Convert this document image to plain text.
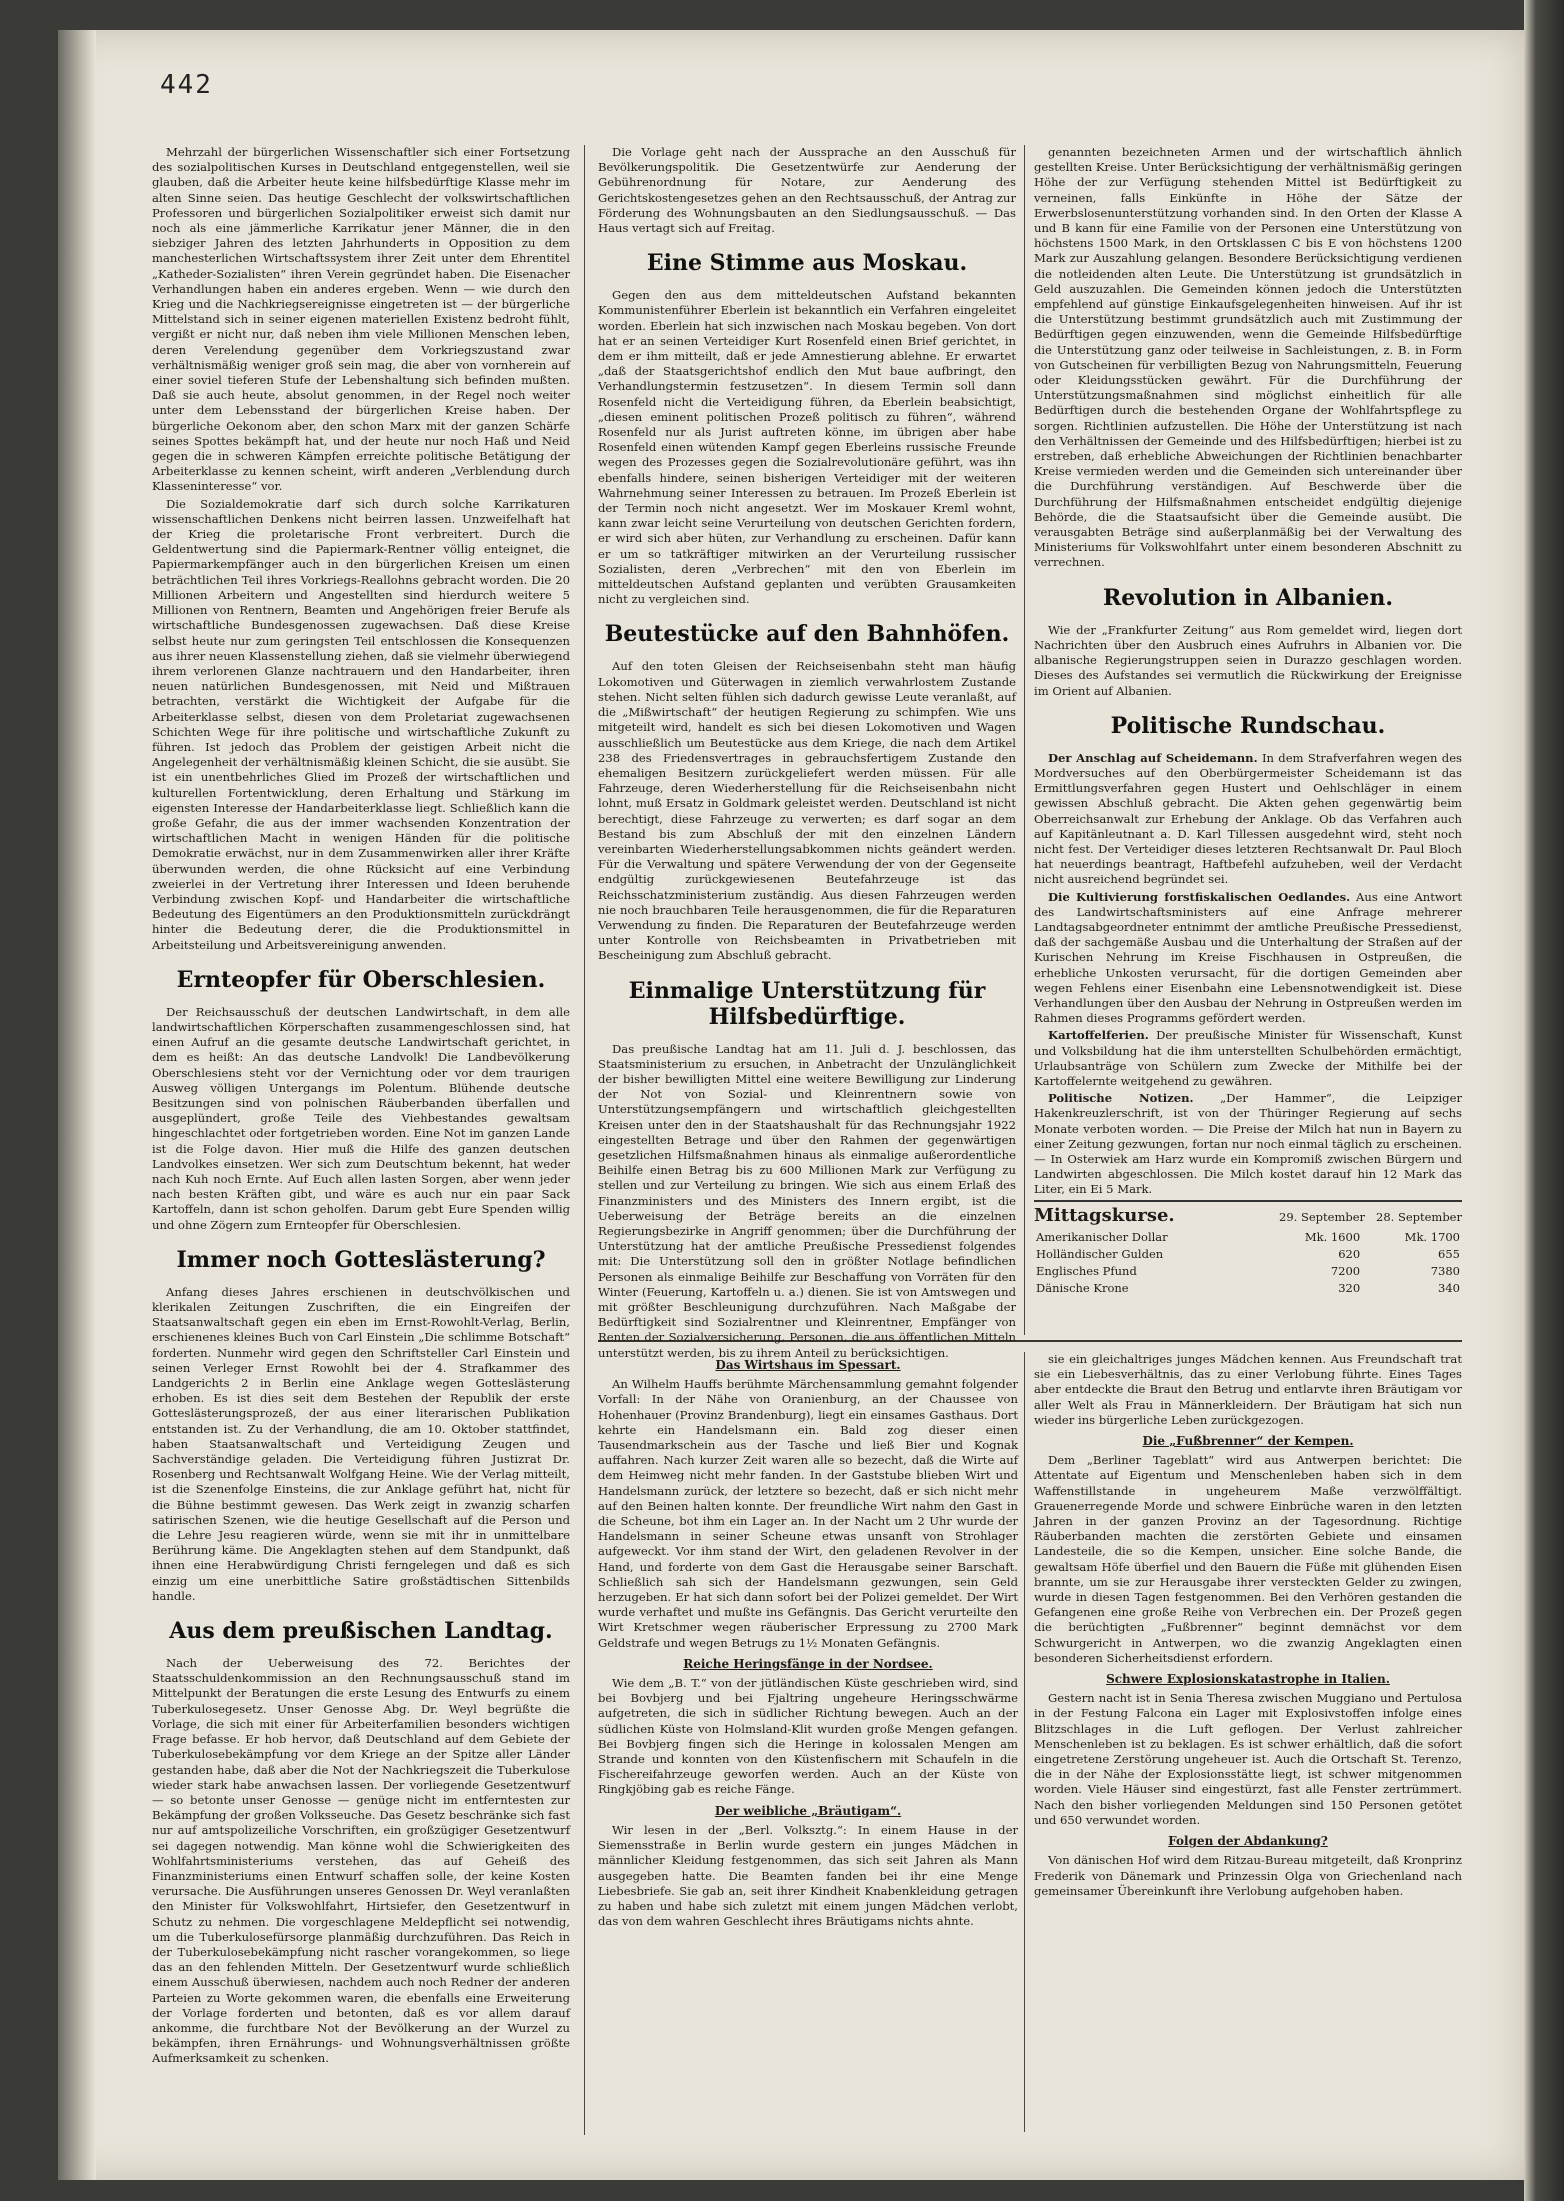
442

Mehrzahl der bürgerlichen Wissenschaftler sich einer Fortsetzung des sozialpolitischen Kurses in Deutschland entgegenstellen, weil sie glauben, daß die Arbeiter heute keine hilfsbedürftige Klasse mehr im alten Sinne seien. Das heutige Geschlecht der volkswirtschaftlichen Professoren und bürgerlichen Sozialpolitiker erweist sich damit nur noch als eine jämmerliche Karrikatur jener Männer, die in den siebziger Jahren des letzten Jahrhunderts in Opposition zu dem manchesterlichen Wirtschaftssystem ihrer Zeit unter dem Ehrentitel „Katheder-Sozialisten“ ihren Verein gegründet haben. Die Eisenacher Verhandlungen haben ein anderes ergeben. Wenn — wie durch den Krieg und die Nachkriegsereignisse eingetreten ist — der bürgerliche Mittelstand sich in seiner eigenen materiellen Existenz bedroht fühlt, vergißt er nicht nur, daß neben ihm viele Millionen Menschen leben, deren Verelendung gegenüber dem Vorkriegszustand zwar verhältnismäßig weniger groß sein mag, die aber von vornherein auf einer soviel tieferen Stufe der Lebenshaltung sich befinden mußten. Daß sie auch heute, absolut genommen, in der Regel noch weiter unter dem Lebensstand der bürgerlichen Kreise haben. Der bürgerliche Oekonom aber, den schon Marx mit der ganzen Schärfe seines Spottes bekämpft hat, und der heute nur noch Haß und Neid gegen die in schweren Kämpfen erreichte politische Betätigung der Arbeiterklasse zu kennen scheint, wirft anderen „Verblendung durch Klasseninteresse“ vor.

Die Sozialdemokratie darf sich durch solche Karrikaturen wissenschaftlichen Denkens nicht beirren lassen. Unzweifelhaft hat der Krieg die proletarische Front verbreitert. Durch die Geldentwertung sind die Papiermark-Rentner völlig enteignet, die Papiermarkempfänger auch in den bürgerlichen Kreisen um einen beträchtlichen Teil ihres Vorkriegs-Reallohns gebracht worden. Die 20 Millionen Arbeitern und Angestellten sind hierdurch weitere 5 Millionen von Rentnern, Beamten und Angehörigen freier Berufe als wirtschaftliche Bundesgenossen zugewachsen. Daß diese Kreise selbst heute nur zum geringsten Teil entschlossen die Konsequenzen aus ihrer neuen Klassenstellung ziehen, daß sie vielmehr überwiegend ihrem verlorenen Glanze nachtrauern und den Handarbeiter, ihren neuen natürlichen Bundesgenossen, mit Neid und Mißtrauen betrachten, verstärkt die Wichtigkeit der Aufgabe für die Arbeiterklasse selbst, diesen von dem Proletariat zugewachsenen Schichten Wege für ihre politische und wirtschaftliche Zukunft zu führen. Ist jedoch das Problem der geistigen Arbeit nicht die Angelegenheit der verhältnismäßig kleinen Schicht, die sie ausübt. Sie ist ein unentbehrliches Glied im Prozeß der wirtschaftlichen und kulturellen Fortentwicklung, deren Erhaltung und Stärkung im eigensten Interesse der Handarbeiterklasse liegt. Schließlich kann die große Gefahr, die aus der immer wachsenden Konzentration der wirtschaftlichen Macht in wenigen Händen für die politische Demokratie erwächst, nur in dem Zusammenwirken aller ihrer Kräfte überwunden werden, die ohne Rücksicht auf eine Verbindung zweierlei in der Vertretung ihrer Interessen und Ideen beruhende Verbindung zwischen Kopf- und Handarbeiter die wirtschaftliche Bedeutung des Eigentümers an den Produktionsmitteln zurückdrängt hinter die Bedeutung derer, die die Produktionsmittel in Arbeitsteilung und Arbeitsvereinigung anwenden.

Ernteopfer für Oberschlesien.

Der Reichsausschuß der deutschen Landwirtschaft, in dem alle landwirtschaftlichen Körperschaften zusammengeschlossen sind, hat einen Aufruf an die gesamte deutsche Landwirtschaft gerichtet, in dem es heißt: An das deutsche Landvolk! Die Landbevölkerung Oberschlesiens steht vor der Vernichtung oder vor dem traurigen Ausweg völligen Untergangs im Polentum. Blühende deutsche Besitzungen sind von polnischen Räuberbanden überfallen und ausgeplündert, große Teile des Viehbestandes gewaltsam hingeschlachtet oder fortgetrieben worden. Eine Not im ganzen Lande ist die Folge davon. Hier muß die Hilfe des ganzen deutschen Landvolkes einsetzen. Wer sich zum Deutschtum bekennt, hat weder nach Kuh noch Ernte. Auf Euch allen lasten Sorgen, aber wenn jeder nach besten Kräften gibt, und wäre es auch nur ein paar Sack Kartoffeln, dann ist schon geholfen. Darum gebt Eure Spenden willig und ohne Zögern zum Ernteopfer für Oberschlesien.

Immer noch Gotteslästerung?

Anfang dieses Jahres erschienen in deutschvölkischen und klerikalen Zeitungen Zuschriften, die ein Eingreifen der Staatsanwaltschaft gegen ein eben im Ernst-Rowohlt-Verlag, Berlin, erschienenes kleines Buch von Carl Einstein „Die schlimme Botschaft“ forderten. Nunmehr wird gegen den Schriftsteller Carl Einstein und seinen Verleger Ernst Rowohlt bei der 4. Strafkammer des Landgerichts 2 in Berlin eine Anklage wegen Gotteslästerung erhoben. Es ist dies seit dem Bestehen der Republik der erste Gotteslästerungsprozeß, der aus einer literarischen Publikation entstanden ist. Zu der Verhandlung, die am 10. Oktober stattfindet, haben Staatsanwaltschaft und Verteidigung Zeugen und Sachverständige geladen. Die Verteidigung führen Justizrat Dr. Rosenberg und Rechtsanwalt Wolfgang Heine. Wie der Verlag mitteilt, ist die Szenenfolge Einsteins, die zur Anklage geführt hat, nicht für die Bühne bestimmt gewesen. Das Werk zeigt in zwanzig scharfen satirischen Szenen, wie die heutige Gesellschaft auf die Person und die Lehre Jesu reagieren würde, wenn sie mit ihr in unmittelbare Berührung käme. Die Angeklagten stehen auf dem Standpunkt, daß ihnen eine Herabwürdigung Christi ferngelegen und daß es sich einzig um eine unerbittliche Satire großstädtischen Sittenbilds handle.

Aus dem preußischen Landtag.

Nach der Ueberweisung des 72. Berichtes der Staatsschuldenkommission an den Rechnungsausschuß stand im Mittelpunkt der Beratungen die erste Lesung des Entwurfs zu einem Tuberkulosegesetz. Unser Genosse Abg. Dr. Weyl begrüßte die Vorlage, die sich mit einer für Arbeiterfamilien besonders wichtigen Frage befasse. Er hob hervor, daß Deutschland auf dem Gebiete der Tuberkulosebekämpfung vor dem Kriege an der Spitze aller Länder gestanden habe, daß aber die Not der Nachkriegszeit die Tuberkulose wieder stark habe anwachsen lassen. Der vorliegende Gesetzentwurf — so betonte unser Genosse — genüge nicht im entferntesten zur Bekämpfung der großen Volksseuche. Das Gesetz beschränke sich fast nur auf amtspolizeiliche Vorschriften, ein großzügiger Gesetzentwurf sei dagegen notwendig. Man könne wohl die Schwierigkeiten des Wohlfahrtsministeriums verstehen, das auf Geheiß des Finanzministeriums einen Entwurf schaffen solle, der keine Kosten verursache. Die Ausführungen unseres Genossen Dr. Weyl veranlaßten den Minister für Volkswohlfahrt, Hirtsiefer, den Gesetzentwurf in Schutz zu nehmen. Die vorgeschlagene Meldepflicht sei notwendig, um die Tuberkulosefürsorge planmäßig durchzuführen. Das Reich in der Tuberkulosebekämpfung nicht rascher vorangekommen, so liege das an den fehlenden Mitteln. Der Gesetzentwurf wurde schließlich einem Ausschuß überwiesen, nachdem auch noch Redner der anderen Parteien zu Worte gekommen waren, die ebenfalls eine Erweiterung der Vorlage forderten und betonten, daß es vor allem darauf ankomme, die furchtbare Not der Bevölkerung an der Wurzel zu bekämpfen, ihren Ernährungs- und Wohnungsverhältnissen größte Aufmerksamkeit zu schenken.

Die Vorlage geht nach der Aussprache an den Ausschuß für Bevölkerungspolitik. Die Gesetzentwürfe zur Aenderung der Gebührenordnung für Notare, zur Aenderung des Gerichtskostengesetzes gehen an den Rechtsausschuß, der Antrag zur Förderung des Wohnungsbauten an den Siedlungsausschuß. — Das Haus vertagt sich auf Freitag.

Eine Stimme aus Moskau.

Gegen den aus dem mitteldeutschen Aufstand bekannten Kommunistenführer Eberlein ist bekanntlich ein Verfahren eingeleitet worden. Eberlein hat sich inzwischen nach Moskau begeben. Von dort hat er an seinen Verteidiger Kurt Rosenfeld einen Brief gerichtet, in dem er ihm mitteilt, daß er jede Amnestierung ablehne. Er erwartet „daß der Staatsgerichtshof endlich den Mut baue aufbringt, den Verhandlungstermin festzusetzen“. In diesem Termin soll dann Rosenfeld nicht die Verteidigung führen, da Eberlein beabsichtigt, „diesen eminent politischen Prozeß politisch zu führen“, während Rosenfeld nur als Jurist auftreten könne, im übrigen aber habe Rosenfeld einen wütenden Kampf gegen Eberleins russische Freunde wegen des Prozesses gegen die Sozialrevolutionäre geführt, was ihn ebenfalls hindere, seinen bisherigen Verteidiger mit der weiteren Wahrnehmung seiner Interessen zu betrauen. Im Prozeß Eberlein ist der Termin noch nicht angesetzt. Wer im Moskauer Kreml wohnt, kann zwar leicht seine Verurteilung von deutschen Gerichten fordern, er wird sich aber hüten, zur Verhandlung zu erscheinen. Dafür kann er um so tatkräftiger mitwirken an der Verurteilung russischer Sozialisten, deren „Verbrechen“ mit den von Eberlein im mitteldeutschen Aufstand geplanten und verübten Grausamkeiten nicht zu vergleichen sind.

Beutestücke auf den Bahnhöfen.

Auf den toten Gleisen der Reichseisenbahn steht man häufig Lokomotiven und Güterwagen in ziemlich verwahrlostem Zustande stehen. Nicht selten fühlen sich dadurch gewisse Leute veranlaßt, auf die „Mißwirtschaft“ der heutigen Regierung zu schimpfen. Wie uns mitgeteilt wird, handelt es sich bei diesen Lokomotiven und Wagen ausschließlich um Beutestücke aus dem Kriege, die nach dem Artikel 238 des Friedensvertrages in gebrauchsfertigem Zustande den ehemaligen Besitzern zurückgeliefert werden müssen. Für alle Fahrzeuge, deren Wiederherstellung für die Reichseisenbahn nicht lohnt, muß Ersatz in Goldmark geleistet werden. Deutschland ist nicht berechtigt, diese Fahrzeuge zu verwerten; es darf sogar an dem Bestand bis zum Abschluß der mit den einzelnen Ländern vereinbarten Wiederherstellungsabkommen nichts geändert werden. Für die Verwaltung und spätere Verwendung der von der Gegenseite endgültig zurückgewiesenen Beutefahrzeuge ist das Reichsschatzministerium zuständig. Aus diesen Fahrzeugen werden nie noch brauchbaren Teile herausgenommen, die für die Reparaturen Verwendung zu finden. Die Reparaturen der Beutefahrzeuge werden unter Kontrolle von Reichsbeamten in Privatbetrieben mit Bescheinigung zum Abschluß gebracht.

Einmalige Unterstützung für Hilfsbedürftige.

Das preußische Landtag hat am 11. Juli d. J. beschlossen, das Staatsministerium zu ersuchen, in Anbetracht der Unzulänglichkeit der bisher bewilligten Mittel eine weitere Bewilligung zur Linderung der Not von Sozial- und Kleinrentnern sowie von Unterstützungsempfängern und wirtschaftlich gleichgestellten Kreisen unter den in der Staatshaushalt für das Rechnungsjahr 1922 eingestellten Betrage und über den Rahmen der gegenwärtigen gesetzlichen Hilfsmaßnahmen hinaus als einmalige außerordentliche Beihilfe einen Betrag bis zu 600 Millionen Mark zur Verfügung zu stellen und zur Verteilung zu bringen. Wie sich aus einem Erlaß des Finanzministers und des Ministers des Innern ergibt, ist die Ueberweisung der Beträge bereits an die einzelnen Regierungsbezirke in Angriff genommen; über die Durchführung der Unterstützung hat der amtliche Preußische Pressedienst folgendes mit: Die Unterstützung soll den in größter Notlage befindlichen Personen als einmalige Beihilfe zur Beschaffung von Vorräten für den Winter (Feuerung, Kartoffeln u. a.) dienen. Sie ist von Amtswegen und mit größter Beschleunigung durchzuführen. Nach Maßgabe der Bedürftigkeit sind Sozialrentner und Kleinrentner, Empfänger von Renten der Sozialversicherung, Personen, die aus öffentlichen Mitteln unterstützt werden, bis zu ihrem Anteil zu berücksichtigen.

genannten bezeichneten Armen und der wirtschaftlich ähnlich gestellten Kreise. Unter Berücksichtigung der verhältnismäßig geringen Höhe der zur Verfügung stehenden Mittel ist Bedürftigkeit zu verneinen, falls Einkünfte in Höhe der Sätze der Erwerbslosenunterstützung vorhanden sind. In den Orten der Klasse A und B kann für eine Familie von der Personen eine Unterstützung von höchstens 1500 Mark, in den Ortsklassen C bis E von höchstens 1200 Mark zur Auszahlung gelangen. Besondere Berücksichtigung verdienen die notleidenden alten Leute. Die Unterstützung ist grundsätzlich in Geld auszuzahlen. Die Gemeinden können jedoch die Unterstützten empfehlend auf günstige Einkaufsgelegenheiten hinweisen. Auf ihr ist die Unterstützung bestimmt grundsätzlich auch mit Zustimmung der Bedürftigen gegen einzuwenden, wenn die Gemeinde Hilfsbedürftige die Unterstützung ganz oder teilweise in Sachleistungen, z. B. in Form von Gutscheinen für verbilligten Bezug von Nahrungsmitteln, Feuerung oder Kleidungsstücken gewährt. Für die Durchführung der Unterstützungsmaßnahmen sind möglichst einheitlich für alle Bedürftigen durch die bestehenden Organe der Wohlfahrtspflege zu sorgen. Richtlinien aufzustellen. Die Höhe der Unterstützung ist nach den Verhältnissen der Gemeinde und des Hilfsbedürftigen; hierbei ist zu erstreben, daß erhebliche Abweichungen der Richtlinien benachbarter Kreise vermieden werden und die Gemeinden sich untereinander über die Durchführung verständigen. Auf Beschwerde über die Durchführung der Hilfsmaßnahmen entscheidet endgültig diejenige Behörde, die die Staatsaufsicht über die Gemeinde ausübt. Die verausgabten Beträge sind außerplanmäßig bei der Verwaltung des Ministeriums für Volkswohlfahrt unter einem besonderen Abschnitt zu verrechnen.

Revolution in Albanien.

Wie der „Frankfurter Zeitung“ aus Rom gemeldet wird, liegen dort Nachrichten über den Ausbruch eines Aufruhrs in Albanien vor. Die albanische Regierungstruppen seien in Durazzo geschlagen worden. Dieses des Aufstandes sei vermutlich die Rückwirkung der Ereignisse im Orient auf Albanien.

Politische Rundschau.

Der Anschlag auf Scheidemann. In dem Strafverfahren wegen des Mordversuches auf den Oberbürgermeister Scheidemann ist das Ermittlungsverfahren gegen Hustert und Oehlschläger in einem gewissen Abschluß gebracht. Die Akten gehen gegenwärtig beim Oberreichsanwalt zur Erhebung der Anklage. Ob das Verfahren auch auf Kapitänleutnant a. D. Karl Tillessen ausgedehnt wird, steht noch nicht fest. Der Verteidiger dieses letzteren Rechtsanwalt Dr. Paul Bloch hat neuerdings beantragt, Haftbefehl aufzuheben, weil der Verdacht nicht ausreichend begründet sei.

Die Kultivierung forstfiskalischen Oedlandes. Aus eine Antwort des Landwirtschaftsministers auf eine Anfrage mehrerer Landtagsabgeordneter entnimmt der amtliche Preußische Pressedienst, daß der sachgemäße Ausbau und die Unterhaltung der Straßen auf der Kurischen Nehrung im Kreise Fischhausen in Ostpreußen, die erhebliche Unkosten verursacht, für die dortigen Gemeinden aber wegen Fehlens einer Eisenbahn eine Lebensnotwendigkeit ist. Diese Verhandlungen über den Ausbau der Nehrung in Ostpreußen werden im Rahmen dieses Programms gefördert werden.

Kartoffelferien. Der preußische Minister für Wissenschaft, Kunst und Volksbildung hat die ihm unterstellten Schulbehörden ermächtigt, Urlaubsanträge von Schülern zum Zwecke der Mithilfe bei der Kartoffelernte weitgehend zu gewähren.

Politische Notizen. „Der Hammer“, die Leipziger Hakenkreuzlerschrift, ist von der Thüringer Regierung auf sechs Monate verboten worden. — Die Preise der Milch hat nun in Bayern zu einer Zeitung gezwungen, fortan nur noch einmal täglich zu erscheinen. — In Osterwiek am Harz wurde ein Kompromiß zwischen Bürgern und Landwirten abgeschlossen. Die Milch kostet darauf hin 12 Mark das Liter, ein Ei 5 Mark.

Mittagskurse.	29. September 28. September
Amerikanischer Dollar	Mk. 1600	Mk. 1700
Holländischer Gulden	620	655
Englisches Pfund	7200	7380
Dänische Krone	320	340
Das Wirtshaus im Spessart.

An Wilhelm Hauffs berühmte Märchensammlung gemahnt folgender Vorfall: In der Nähe von Oranienburg, an der Chaussee von Hohenhauer (Provinz Brandenburg), liegt ein einsames Gasthaus. Dort kehrte ein Handelsmann ein. Bald zog dieser einen Tausendmarkschein aus der Tasche und ließ Bier und Kognak auffahren. Nach kurzer Zeit waren alle so bezecht, daß die Wirte auf dem Heimweg nicht mehr fanden. In der Gaststube blieben Wirt und Handelsmann zurück, der letztere so bezecht, daß er sich nicht mehr auf den Beinen halten konnte. Der freundliche Wirt nahm den Gast in die Scheune, bot ihm ein Lager an. In der Nacht um 2 Uhr wurde der Handelsmann in seiner Scheune etwas unsanft von Strohlager aufgeweckt. Vor ihm stand der Wirt, den geladenen Revolver in der Hand, und forderte von dem Gast die Herausgabe seiner Barschaft. Schließlich sah sich der Handelsmann gezwungen, sein Geld herzugeben. Er hat sich dann sofort bei der Polizei gemeldet. Der Wirt wurde verhaftet und mußte ins Gefängnis. Das Gericht verurteilte den Wirt Kretschmer wegen räuberischer Erpressung zu 2700 Mark Geldstrafe und wegen Betrugs zu 1½ Monaten Gefängnis.

Reiche Heringsfänge in der Nordsee.

Wie dem „B. T.“ von der jütländischen Küste geschrieben wird, sind bei Bovbjerg und bei Fjaltring ungeheure Heringsschwärme aufgetreten, die sich in südlicher Richtung bewegen. Auch an der südlichen Küste von Holmsland-Klit wurden große Mengen gefangen. Bei Bovbjerg fingen sich die Heringe in kolossalen Mengen am Strande und konnten von den Küstenfischern mit Schaufeln in die Fischereifahrzeuge geworfen werden. Auch an der Küste von Ringkjöbing gab es reiche Fänge.

Der weibliche „Bräutigam“.

Wir lesen in der „Berl. Volksztg.“: In einem Hause in der Siemensstraße in Berlin wurde gestern ein junges Mädchen in männlicher Kleidung festgenommen, das sich seit Jahren als Mann ausgegeben hatte. Die Beamten fanden bei ihr eine Menge Liebesbriefe. Sie gab an, seit ihrer Kindheit Knabenkleidung getragen zu haben und habe sich zuletzt mit einem jungen Mädchen verlobt, das von dem wahren Geschlecht ihres Bräutigams nichts ahnte.

sie ein gleichaltriges junges Mädchen kennen. Aus Freundschaft trat sie ein Liebesverhältnis, das zu einer Verlobung führte. Eines Tages aber entdeckte die Braut den Betrug und entlarvte ihren Bräutigam vor aller Welt als Frau in Männerkleidern. Der Bräutigam hat sich nun wieder ins bürgerliche Leben zurückgezogen.

Die „Fußbrenner“ der Kempen.

Dem „Berliner Tageblatt“ wird aus Antwerpen berichtet: Die Attentate auf Eigentum und Menschenleben haben sich in dem Waffenstillstande in ungeheurem Maße verzwölffältigt. Grauenerregende Morde und schwere Einbrüche waren in den letzten Jahren in der ganzen Provinz an der Tagesordnung. Richtige Räuberbanden machten die zerstörten Gebiete und einsamen Landesteile, die so die Kempen, unsicher. Eine solche Bande, die gewaltsam Höfe überfiel und den Bauern die Füße mit glühenden Eisen brannte, um sie zur Herausgabe ihrer versteckten Gelder zu zwingen, wurde in diesen Tagen festgenommen. Bei den Verhören gestanden die Gefangenen eine große Reihe von Verbrechen ein. Der Prozeß gegen die berüchtigten „Fußbrenner“ beginnt demnächst vor dem Schwurgericht in Antwerpen, wo die zwanzig Angeklagten einen besonderen Sicherheitsdienst erfordern.

Schwere Explosionskatastrophe in Italien.

Gestern nacht ist in Senia Theresa zwischen Muggiano und Pertulosa in der Festung Falcona ein Lager mit Explosivstoffen infolge eines Blitzschlages in die Luft geflogen. Der Verlust zahlreicher Menschenleben ist zu beklagen. Es ist schwer erhältlich, daß die sofort eingetretene Zerstörung ungeheuer ist. Auch die Ortschaft St. Terenzo, die in der Nähe der Explosionsstätte liegt, ist schwer mitgenommen worden. Viele Häuser sind eingestürzt, fast alle Fenster zertrümmert. Nach den bisher vorliegenden Meldungen sind 150 Personen getötet und 650 verwundet worden.

Folgen der Abdankung?

Von dänischen Hof wird dem Ritzau-Bureau mitgeteilt, daß Kronprinz Frederik von Dänemark und Prinzessin Olga von Griechenland nach gemeinsamer Übereinkunft ihre Verlobung aufgehoben haben.
